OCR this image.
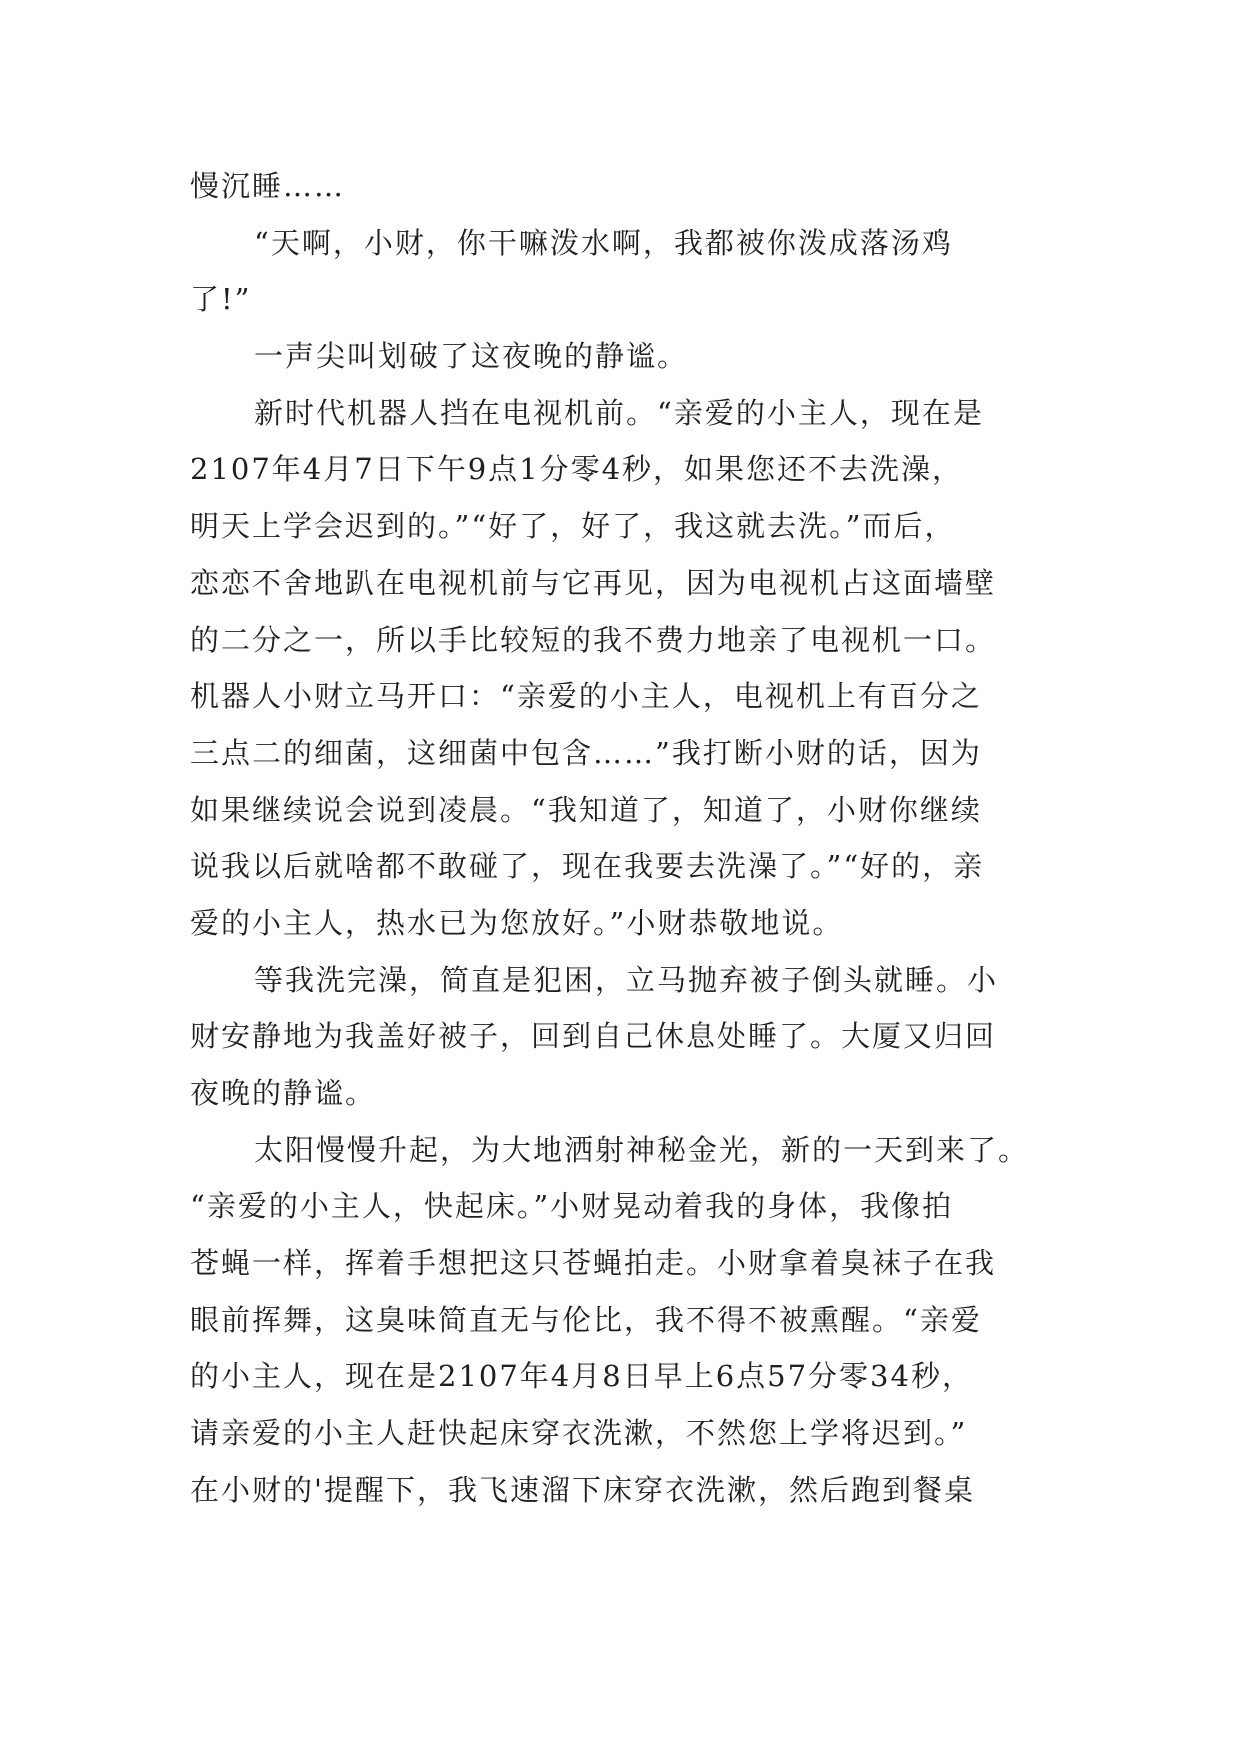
慢沉睡……
“天啊，小财，你干嘛泼水啊，我都被你泼成落汤鸡
了!”
一声尖叫划破了这夜晚的静谧。
新时代机器人挡在电视机前。“亲爱的小主人，现在是
2107年4月7日下午9点1分零4秒，如果您还不去洗澡，
明天上学会迟到的。”“好了，好了，我这就去洗。”而后，
恋恋不舍地趴在电视机前与它再见，因为电视机占这面墙壁
的二分之一，所以手比较短的我不费力地亲了电视机一口。
机器人小财立马开口：“亲爱的小主人，电视机上有百分之
三点二的细菌，这细菌中包含……”我打断小财的话，因为
如果继续说会说到凌晨。“我知道了，知道了，小财你继续
说我以后就啥都不敢碰了，现在我要去洗澡了。”“好的，亲
爱的小主人，热水已为您放好。”小财恭敬地说。
等我洗完澡，简直是犯困，立马抛弃被子倒头就睡。小
财安静地为我盖好被子，回到自己休息处睡了。大厦又归回
夜晚的静谧。
太阳慢慢升起，为大地洒射神秘金光，新的一天到来了。
“亲爱的小主人，快起床。”小财晃动着我的身体，我像拍
苍蝇一样，挥着手想把这只苍蝇拍走。小财拿着臭袜子在我
眼前挥舞，这臭味简直无与伦比，我不得不被熏醒。“亲爱
的小主人，现在是2107年4月8日早上6点57分零34秒，
请亲爱的小主人赶快起床穿衣洗漱，不然您上学将迟到。”
在小财的'提醒下，我飞速溜下床穿衣洗漱，然后跑到餐桌
